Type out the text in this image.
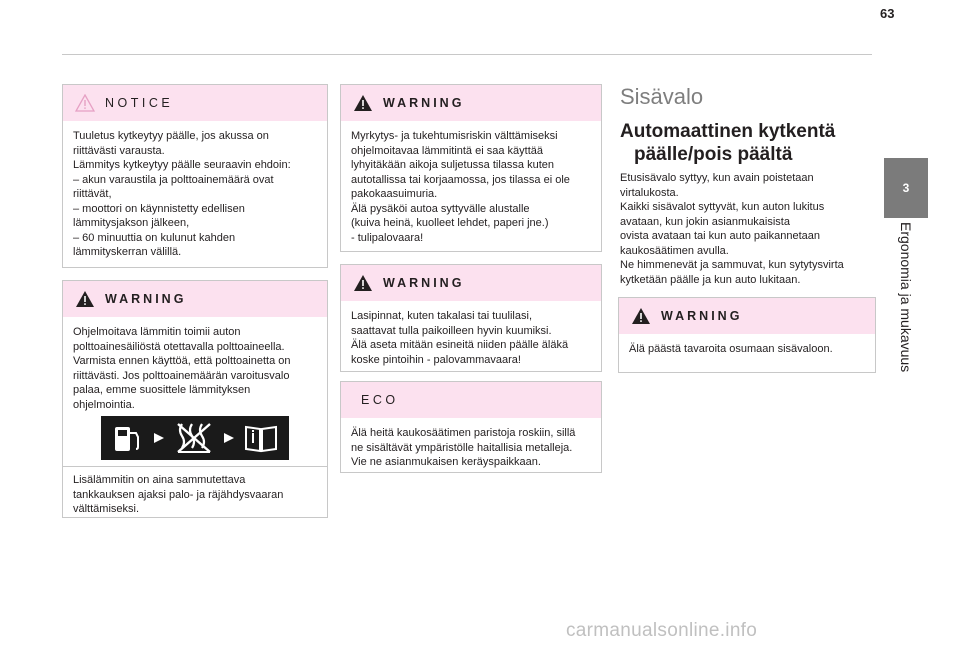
63
3
Ergonomia ja mukavuus
NOTICE

Tuuletus kytkeytyy päälle, jos akussa on

riittävästi varausta.

Lämmitys kytkeytyy päälle seuraavin ehdoin:

– akun varaustila ja polttoainemäärä ovat

riittävät,

– moottori on käynnistetty edellisen

lämmitysjakson jälkeen,

– 60 minuuttia on kulunut kahden

lämmityskerran välillä.

WARNING

Ohjelmoitava lämmitin toimii auton

polttoainesäiliöstä otettavalla polttoaineella.

Varmista ennen käyttöä, että polttoainetta on

riittävästi. Jos polttoainemäärän varoitusvalo

palaa, emme suosittele lämmityksen

ohjelmointia.

Lisälämmitin on aina sammutettava

tankkauksen ajaksi palo- ja räjähdysvaaran

välttämiseksi.

WARNING

Myrkytys- ja tukehtumisriskin välttämiseksi

ohjelmoitavaa lämmitintä ei saa käyttää

lyhyitäkään aikoja suljetussa tilassa kuten

autotallissa tai korjaamossa, jos tilassa ei ole

pakokaasuimuria.

Älä pysäköi autoa syttyvälle alustalle

(kuiva heinä, kuolleet lehdet, paperi jne.)

- tulipalovaara!

WARNING

Lasipinnat, kuten takalasi tai tuulilasi,

saattavat tulla paikoilleen hyvin kuumiksi.

Älä aseta mitään esineitä niiden päälle äläkä

koske pintoihin - palovammavaara!

ECO

Älä heitä kaukosäätimen paristoja roskiin, sillä

ne sisältävät ympäristölle haitallisia metalleja.

Vie ne asianmukaisen keräyspaikkaan.

Sisävalo
Automaattinen kytkentä
päälle/pois päältä

Etusisävalo syttyy, kun avain poistetaan

virtalukosta.

Kaikki sisävalot syttyvät, kun auton lukitus

avataan, kun jokin asianmukaisista

ovista avataan tai kun auto paikannetaan

kaukosäätimen avulla.

Ne himmenevät ja sammuvat, kun sytytysvirta

kytketään päälle ja kun auto lukitaan.

WARNING

Älä päästä tavaroita osumaan sisävaloon.

carmanualsonline.info
